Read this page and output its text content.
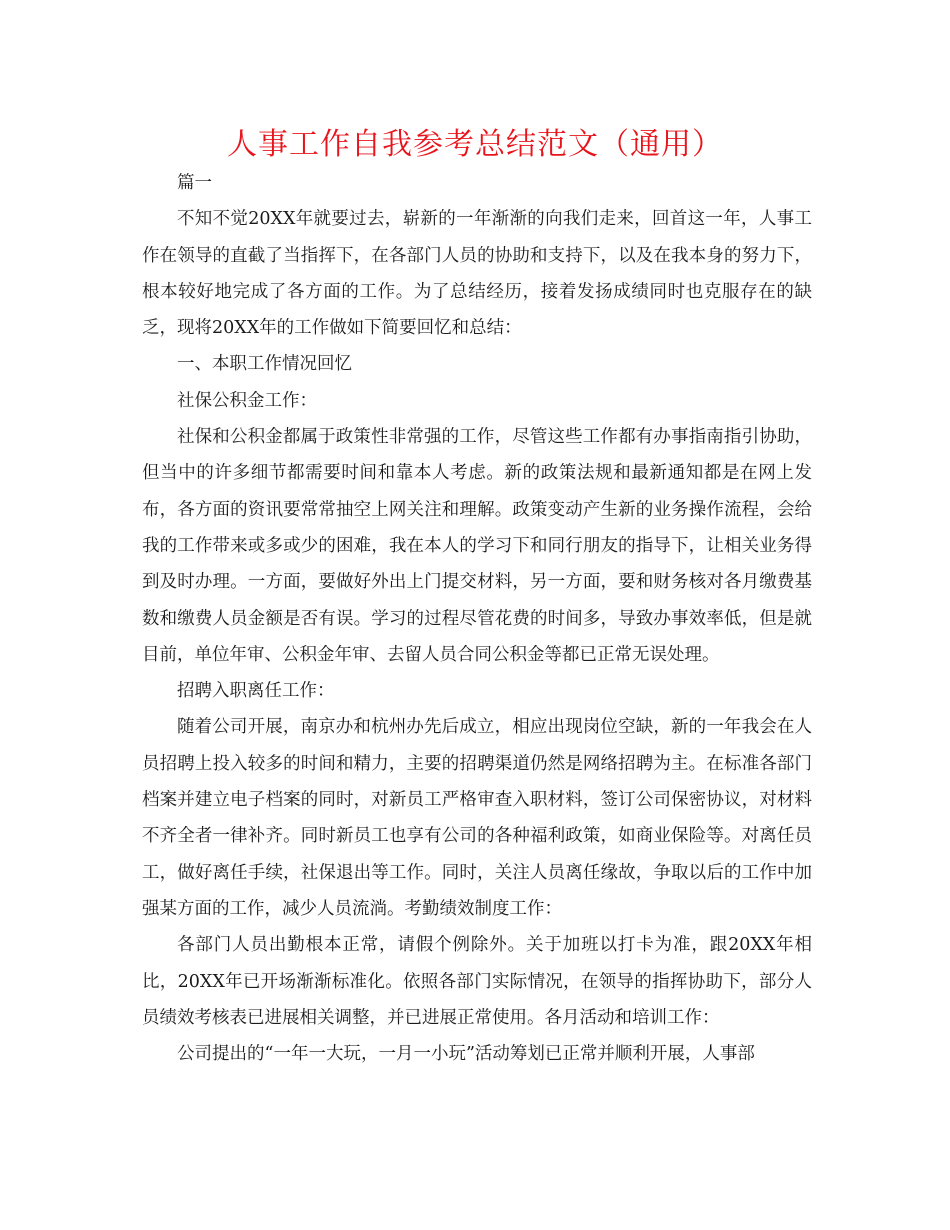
人事工作自我参考总结范文（通用）

篇一

不知不觉20XX年就要过去，崭新的一年渐渐的向我们走来，回首这一年，人事工作在领导的直截了当指挥下，在各部门人员的协助和支持下，以及在我本身的努力下，根本较好地完成了各方面的工作。为了总结经历，接着发扬成绩同时也克服存在的缺乏，现将20XX年的工作做如下简要回忆和总结：

一、本职工作情况回忆

社保公积金工作：

社保和公积金都属于政策性非常强的工作，尽管这些工作都有办事指南指引协助，但当中的许多细节都需要时间和靠本人考虑。新的政策法规和最新通知都是在网上发布，各方面的资讯要常常抽空上网关注和理解。政策变动产生新的业务操作流程，会给我的工作带来或多或少的困难，我在本人的学习下和同行朋友的指导下，让相关业务得到及时办理。一方面，要做好外出上门提交材料，另一方面，要和财务核对各月缴费基数和缴费人员金额是否有误。学习的过程尽管花费的时间多，导致办事效率低，但是就目前，单位年审、公积金年审、去留人员合同公积金等都已正常无误处理。

招聘入职离任工作：

随着公司开展，南京办和杭州办先后成立，相应出现岗位空缺，新的一年我会在人员招聘上投入较多的时间和精力，主要的招聘渠道仍然是网络招聘为主。在标准各部门档案并建立电子档案的同时，对新员工严格审查入职材料，签订公司保密协议，对材料不齐全者一律补齐。同时新员工也享有公司的各种福利政策，如商业保险等。对离任员工，做好离任手续，社保退出等工作。同时，关注人员离任缘故，争取以后的工作中加强某方面的工作，减少人员流淌。考勤绩效制度工作：

各部门人员出勤根本正常，请假个例除外。关于加班以打卡为准，跟20XX年相比，20XX年已开场渐渐标准化。依照各部门实际情况，在领导的指挥协助下，部分人员绩效考核表已进展相关调整，并已进展正常使用。各月活动和培训工作：

公司提出的“一年一大玩，一月一小玩”活动筹划已正常并顺利开展，人事部
